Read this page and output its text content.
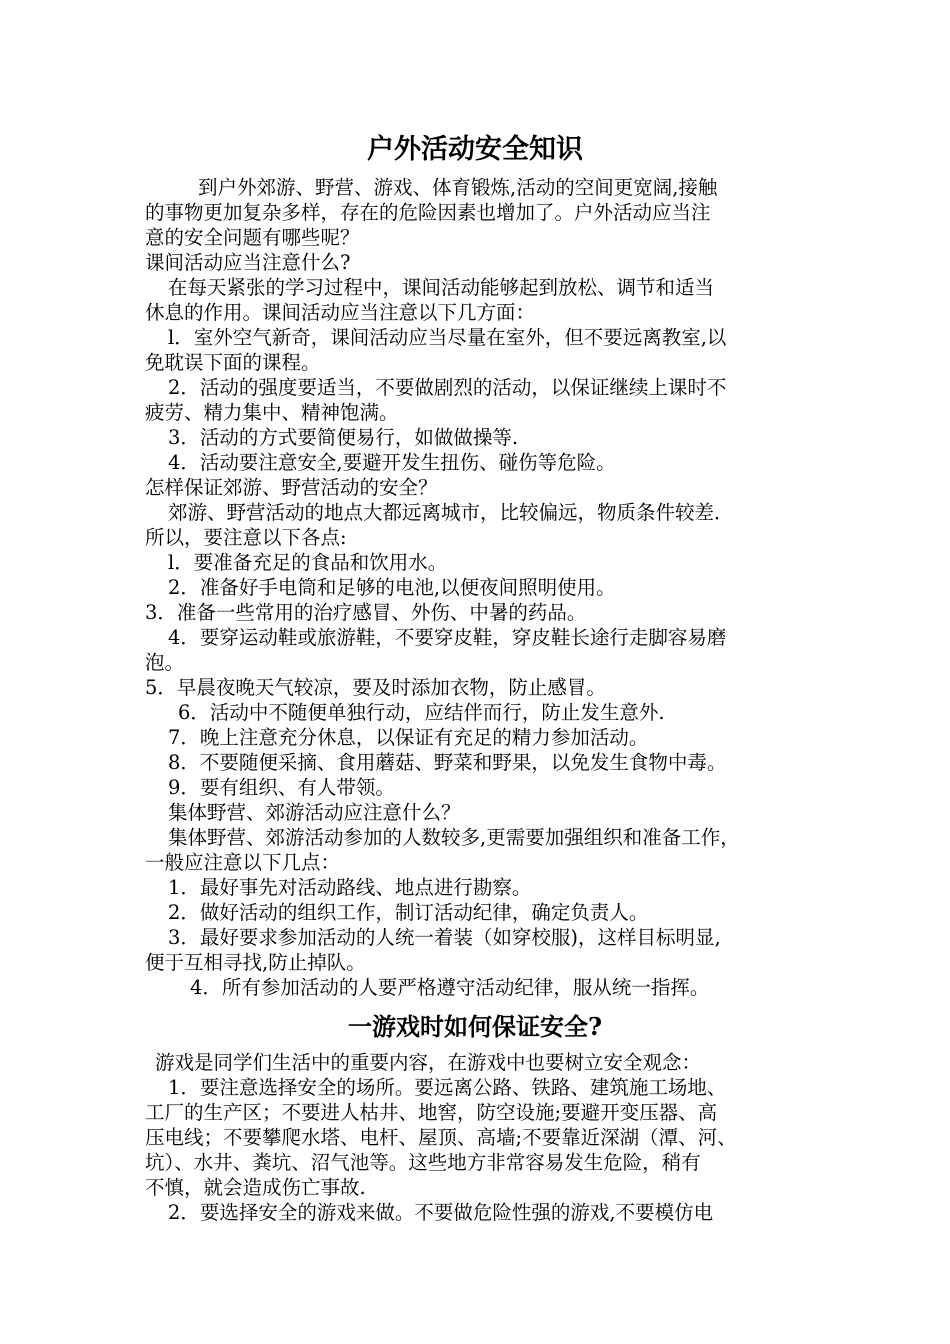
户外活动安全知识

到户外郊游、野营、游戏、体育锻炼,活动的空间更宽阔,接触

的事物更加复杂多样，存在的危险因素也增加了。户外活动应当注

意的安全问题有哪些呢？

课间活动应当注意什么?

在每天紧张的学习过程中，课间活动能够起到放松、调节和适当

休息的作用。课间活动应当注意以下几方面：

l．室外空气新奇，课间活动应当尽量在室外，但不要远离教室,以

免耽误下面的课程。

2．活动的强度要适当，不要做剧烈的活动，以保证继续上课时不

疲劳、精力集中、精神饱满。

3．活动的方式要简便易行，如做做操等.

4．活动要注意安全,要避开发生扭伤、碰伤等危险。

怎样保证郊游、野营活动的安全？

郊游、野营活动的地点大都远离城市，比较偏远，物质条件较差．

所以，要注意以下各点:

l．要准备充足的食品和饮用水。

2．准备好手电筒和足够的电池,以便夜间照明使用。

3．准备一些常用的治疗感冒、外伤、中暑的药品。

4．要穿运动鞋或旅游鞋，不要穿皮鞋，穿皮鞋长途行走脚容易磨

泡。

5．早晨夜晚天气较凉，要及时添加衣物，防止感冒。

6．活动中不随便单独行动，应结伴而行，防止发生意外.

7．晚上注意充分休息，以保证有充足的精力参加活动。

8．不要随便采摘、食用蘑菇、野菜和野果，以免发生食物中毒。

9．要有组织、有人带领。

集体野营、郊游活动应注意什么？

集体野营、郊游活动参加的人数较多,更需要加强组织和准备工作，

一般应注意以下几点：

1．最好事先对活动路线、地点进行勘察。

2．做好活动的组织工作，制订活动纪律，确定负责人。

3．最好要求参加活动的人统一着装（如穿校服)，这样目标明显,

便于互相寻找,防止掉队。

4．所有参加活动的人要严格遵守活动纪律，服从统一指挥。

一游戏时如何保证安全?

游戏是同学们生活中的重要内容，在游戏中也要树立安全观念：

1．要注意选择安全的场所。要远离公路、铁路、建筑施工场地、

工厂的生产区；不要进人枯井、地窖，防空设施;要避开变压器、高

压电线；不要攀爬水塔、电杆、屋顶、高墙;不要靠近深湖（潭、河、

坑）、水井、粪坑、沼气池等。这些地方非常容易发生危险，稍有

不慎，就会造成伤亡事故.

2．要选择安全的游戏来做。不要做危险性强的游戏,不要模仿电
